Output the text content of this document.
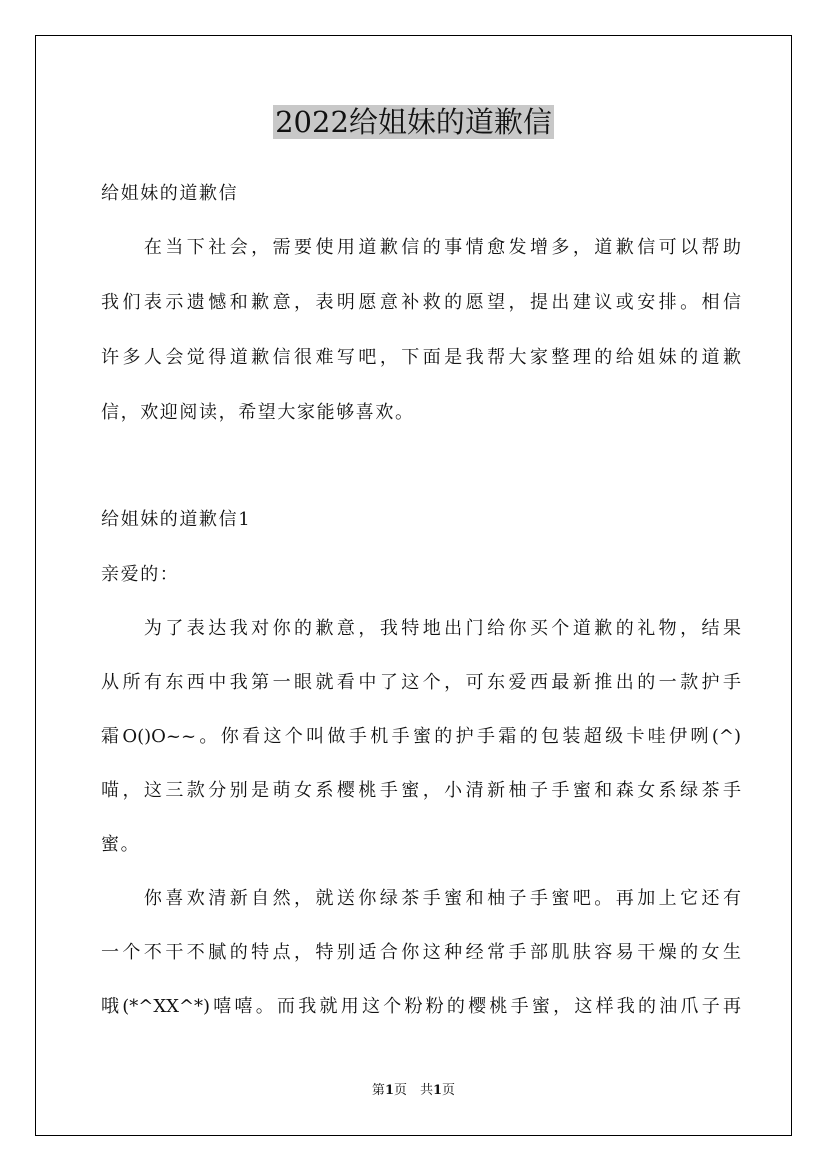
2022给姐妹的道歉信
给姐妹的道歉信
　　在当下社会，需要使用道歉信的事情愈发增多，道歉信可以帮助
我们表示遗憾和歉意，表明愿意补救的愿望，提出建议或安排。相信
许多人会觉得道歉信很难写吧，下面是我帮大家整理的给姐妹的道歉
信，欢迎阅读，希望大家能够喜欢。
给姐妹的道歉信1
亲爱的：
　　为了表达我对你的歉意，我特地出门给你买个道歉的礼物，结果
从所有东西中我第一眼就看中了这个，可东爱西最新推出的一款护手
霜O()O~~。你看这个叫做手机手蜜的护手霜的包装超级卡哇伊咧(^)
喵，这三款分别是萌女系樱桃手蜜，小清新柚子手蜜和森女系绿茶手
蜜。
　　你喜欢清新自然，就送你绿茶手蜜和柚子手蜜吧。再加上它还有
一个不干不腻的特点，特别适合你这种经常手部肌肤容易干燥的女生
哦(*^XX^*)嘻嘻。而我就用这个粉粉的樱桃手蜜，这样我的油爪子再
第1页　共1页
